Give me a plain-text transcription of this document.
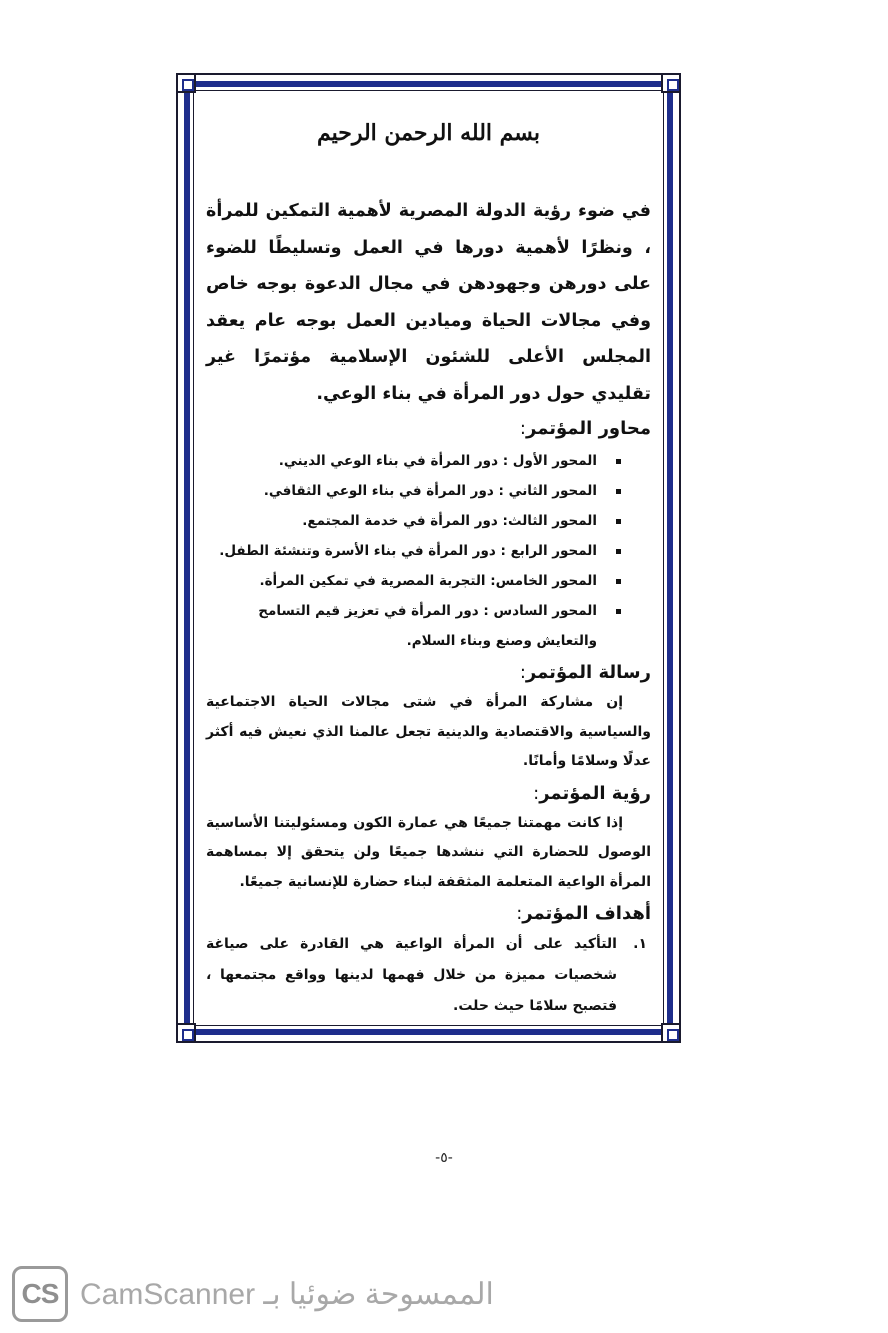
بسم الله الرحمن الرحيم

في ضوء رؤية الدولة المصرية لأهمية التمكين للمرأة ، ونظرًا لأهمية دورها في العمل وتسليطًا للضوء على دورهن وجهودهن في مجال الدعوة بوجه خاص وفي مجالات الحياة وميادين العمل بوجه عام يعقد المجلس الأعلى للشئون الإسلامية مؤتمرًا غير تقليدي حول دور المرأة في بناء الوعي.

محاور المؤتمر:
المحور الأول : دور المرأة في بناء الوعي الديني.
المحور الثاني : دور المرأة في بناء الوعي الثقافي.
المحور الثالث: دور المرأة في خدمة المجتمع.
المحور الرابع : دور المرأة في بناء الأسرة وتنشئة الطفل.
المحور الخامس: التجربة المصرية في تمكين المرأة.
المحور السادس : دور المرأة في تعزيز قيم التسامح والتعايش وصنع وبناء السلام.
رسالة المؤتمر:

إن مشاركة المرأة في شتى مجالات الحياة الاجتماعية والسياسية والاقتصادية والدينية تجعل عالمنا الذي نعيش فيه أكثر عدلًا وسلامًا وأمانًا.

رؤية المؤتمر:

إذا كانت مهمتنا جميعًا هي عمارة الكون ومسئوليتنا الأساسية الوصول للحضارة التي ننشدها جميعًا ولن يتحقق إلا بمساهمة المرأة الواعية المتعلمة المثقفة لبناء حضارة للإنسانية جميعًا.

أهداف المؤتمر:
١.
التأكيد على أن المرأة الواعية هي القادرة على صياغة شخصيات مميزة من خلال فهمها لدينها وواقع مجتمعها ، فتصبح سلامًا حيث حلت.
-٥-
CS CamScanner الممسوحة ضوئيا بـ
